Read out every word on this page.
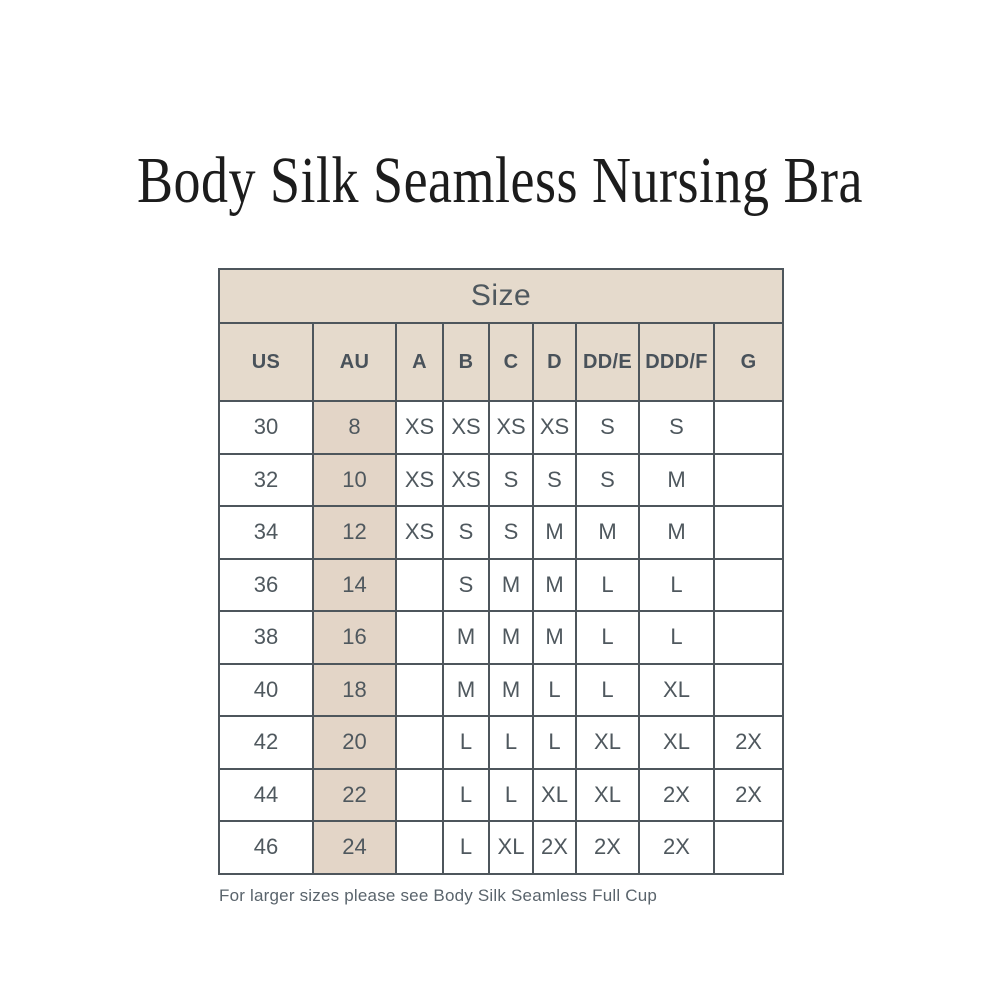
Body Silk Seamless Nursing Bra
Size								
US	AU	A	B	C	D	DD/E	DDD/F	G
30	8	XS	XS	XS	XS	S	S	
32	10	XS	XS	S	S	S	M	
34	12	XS	S	S	M	M	M	
36	14		S	M	M	L	L	
38	16		M	M	M	L	L	
40	18		M	M	L	L	XL	
42	20		L	L	L	XL	XL	2X
44	22		L	L	XL	XL	2X	2X
46	24		L	XL	2X	2X	2X	

For larger sizes please see Body Silk Seamless Full Cup
